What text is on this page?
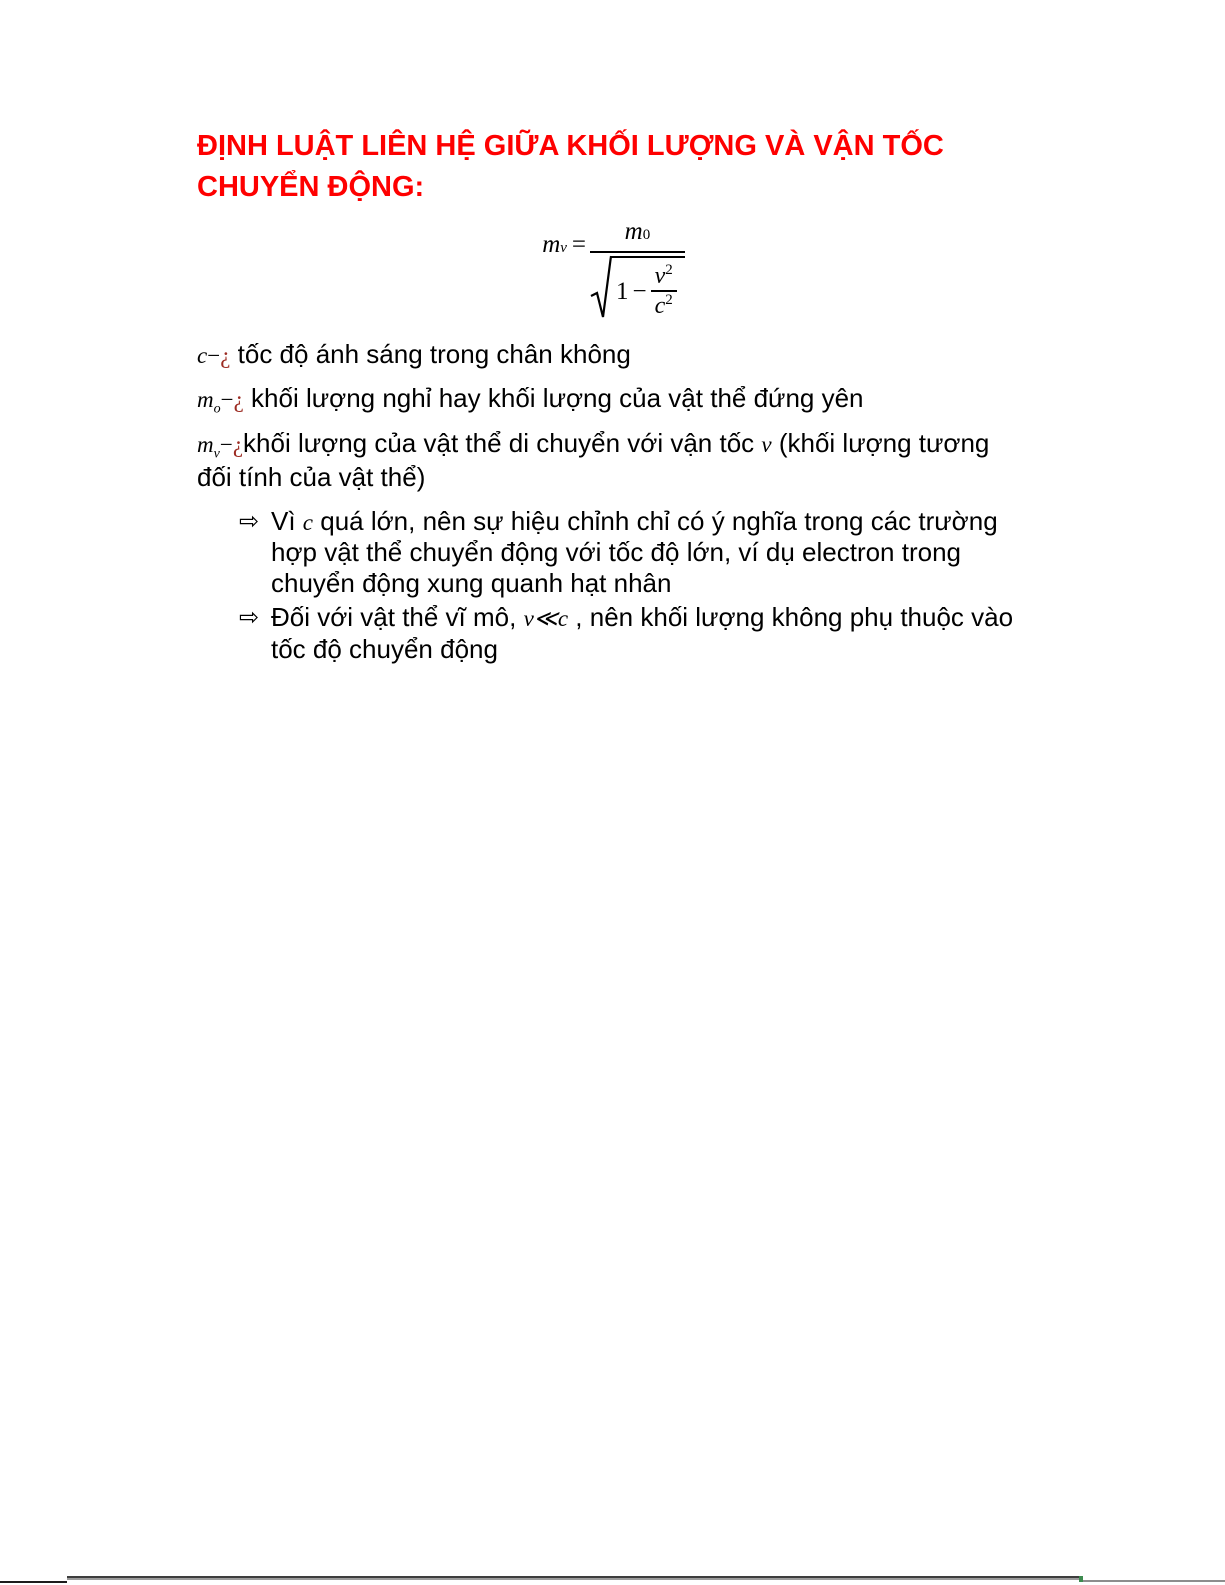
ĐỊNH LUẬT LIÊN HỆ GIỮA KHỐI LƯỢNG VÀ VẬN TỐC CHUYỂN ĐỘNG:
mv = $\frac{m0}{1 - \frac{v^2}{c^2}}$

c−¿ tốc độ ánh sáng trong chân không

$m_o-¿$ khối lượng nghỉ hay khối lượng của vật thể đứng yên

$m_v-¿khối$ lượng của vật thể di chuyển với vận tốc v (khối lượng tương đối tính của vật thể)

⇨ Vì c quá lớn, nên sự hiệu chỉnh chỉ có ý nghĩa trong các trường hợp vật thể chuyển động với tốc độ lớn, ví dụ electron trong chuyển động xung quanh hạt nhân
⇨ Đối với vật thể vĩ mô, v≪c , nên khối lượng không phụ thuộc vào tốc độ chuyển động
